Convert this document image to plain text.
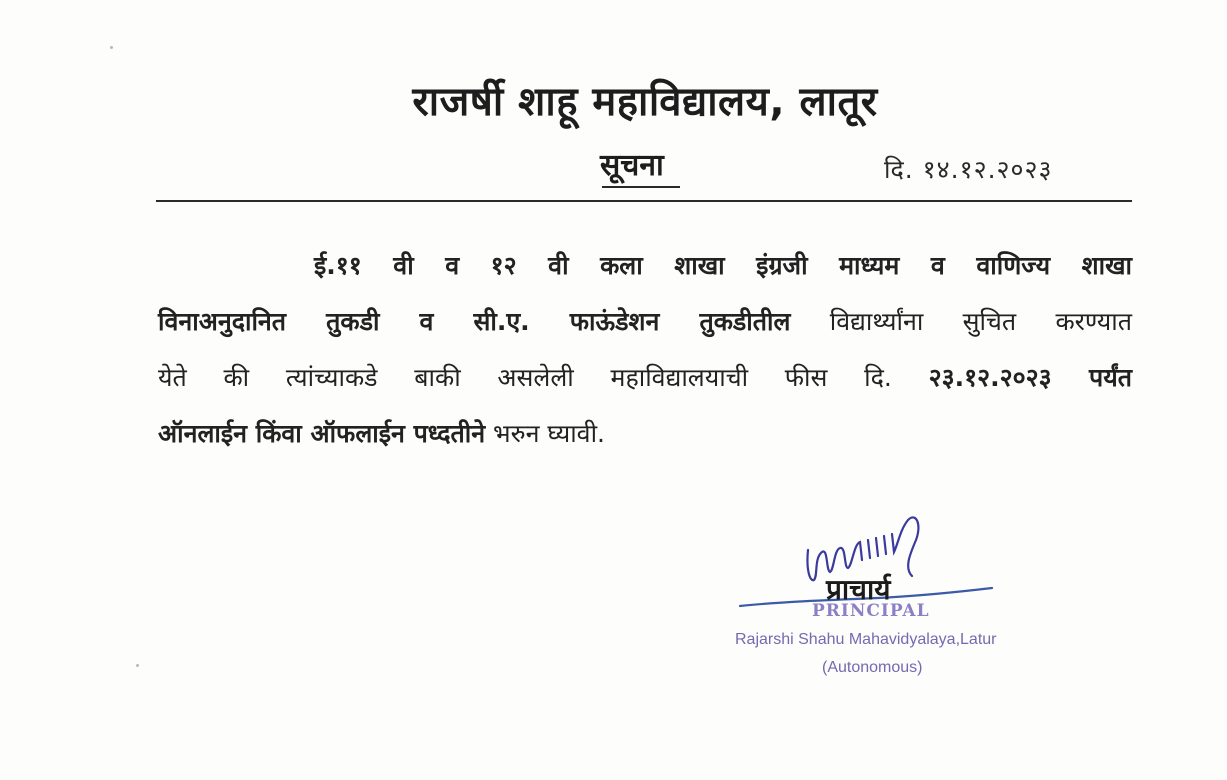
राजर्षी शाहू महाविद्यालय, लातूर
सूचना	दि. १४.१२.२०२३
ई.११ वी व १२ वी कला शाखा इंग्रजी माध्यम व वाणिज्य शाखा
विनाअनुदानित तुकडी व सी.ए. फाऊंडेशन तुकडीतील विद्यार्थ्यांना सुचित करण्यात
येते की त्यांच्याकडे बाकी असलेली महाविद्यालयाची फीस दि. २३.१२.२०२३ पर्यंत
ऑनलाईन किंवा ऑफलाईन पध्दतीने भरुन घ्यावी.
प्राचार्य
PRINCIPAL
Rajarshi Shahu Mahavidyalaya,Latur
(Autonomous)
